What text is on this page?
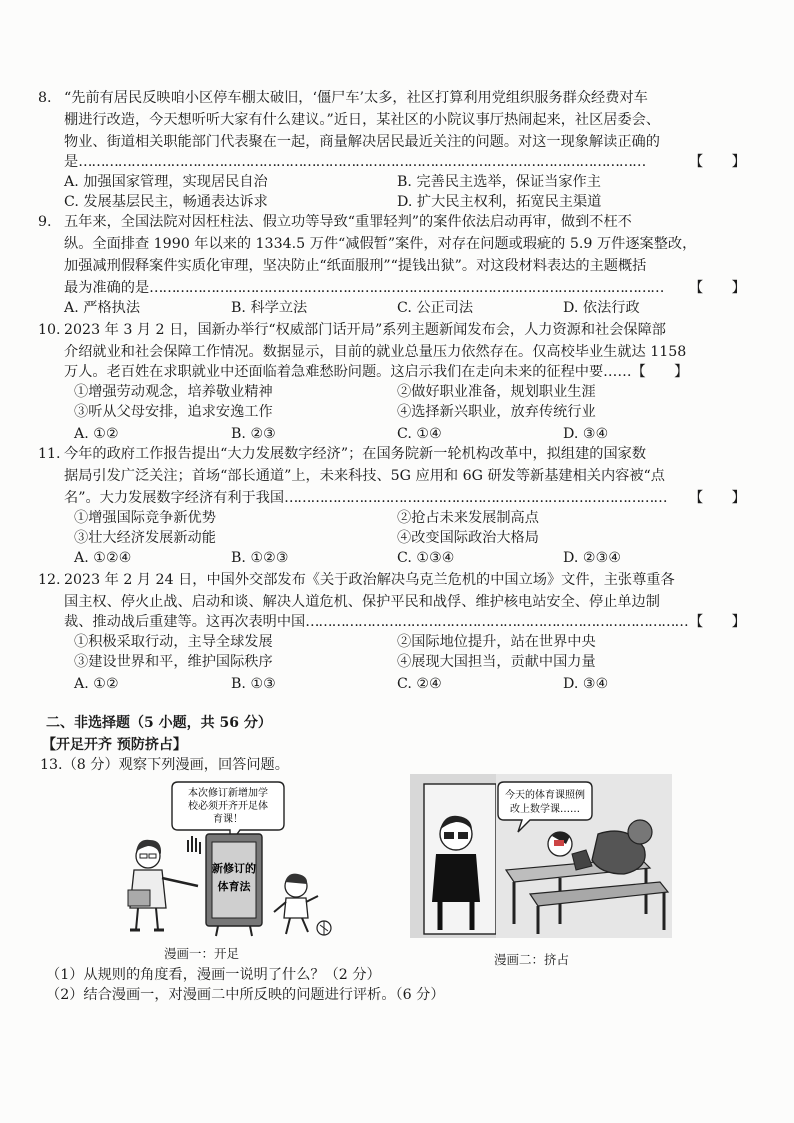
8. “先前有居民反映咱小区停车棚太破旧，‘僵尸车’太多，社区打算利用党组织服务群众经费对车
棚进行改造，今天想听听大家有什么建议。”近日，某社区的小院议事厅热闹起来，社区居委会、
物业、街道相关职能部门代表聚在一起，商量解决居民最近关注的问题。对这一现象解读正确的
是…………………………………………………………………………………………………………………	【　　】
A. 加强国家管理，实现居民自治	B. 完善民主选举，保证当家作主
C. 发展基层民主，畅通表达诉求	D. 扩大民主权利，拓宽民主渠道
9. 五年来，全国法院对因枉柱法、假立功等导致“重罪轻判”的案件依法启动再审，做到不枉不
纵。全面排查 1990 年以来的 1334.5 万件“减假暂”案件，对存在问题或瑕疵的 5.9 万件逐案整改，
加强减刑假释案件实质化审理，坚决防止“纸面服刑”“提钱出狱”。对这段材料表达的主题概括
最为准确的是……………………………………………………………………………………………………… 【　　】
A. 严格执法	B. 科学立法	C. 公正司法	D. 依法行政
10. 2023 年 3 月 2 日，国新办举行“权威部门话开局”系列主题新闻发布会，人力资源和社会保障部
介绍就业和社会保障工作情况。数据显示，目前的就业总量压力依然存在。仅高校毕业生就达 1158
万人。老百姓在求职就业中还面临着急难愁盼问题。这启示我们在走向未来的征程中要……【　　】
①增强劳动观念，培养敬业精神	②做好职业准备，规划职业生涯
③听从父母安排，追求安逸工作	④选择新兴职业，放弃传统行业
A. ①②	B. ②③	C. ①④	D. ③④
11. 今年的政府工作报告提出“大力发展数字经济”；在国务院新一轮机构改革中，拟组建的国家数
据局引发广泛关注；首场“部长通道”上，未来科技、5G 应用和 6G 研发等新基建相关内容被“点
名”。大力发展数字经济有利于我国…………………………………………………………………………… 【　　】
①增强国际竞争新优势	②抢占未来发展制高点
③壮大经济发展新动能	④改变国际政治大格局
A. ①②④	B. ①②③	C. ①③④	D. ②③④
12. 2023 年 2 月 24 日，中国外交部发布《关于政治解决乌克兰危机的中国立场》文件，主张尊重各
国主权、停火止战、启动和谈、解决人道危机、保护平民和战俘、维护核电站安全、停止单边制
裁、推动战后重建等。这再次表明中国…………………………………………………………………………… 【　　】
①积极采取行动，主导全球发展	②国际地位提升，站在世界中央
③建设世界和平，维护国际秩序	④展现大国担当，贡献中国力量
A. ①②	B. ①③	C. ②④	D. ③④
二、非选择题（5 小题，共 56 分）
【开足开齐 预防挤占】
13.（8 分）观察下列漫画，回答问题。
本次修订新增加学
校必须开齐开足体
育课！
新修订的
体育法
漫画一：开足
今天的体育课照例
改上数学课……
漫画二：挤占
（1）从规则的角度看，漫画一说明了什么？（2 分）
（2）结合漫画一，对漫画二中所反映的问题进行评析。（6 分）
